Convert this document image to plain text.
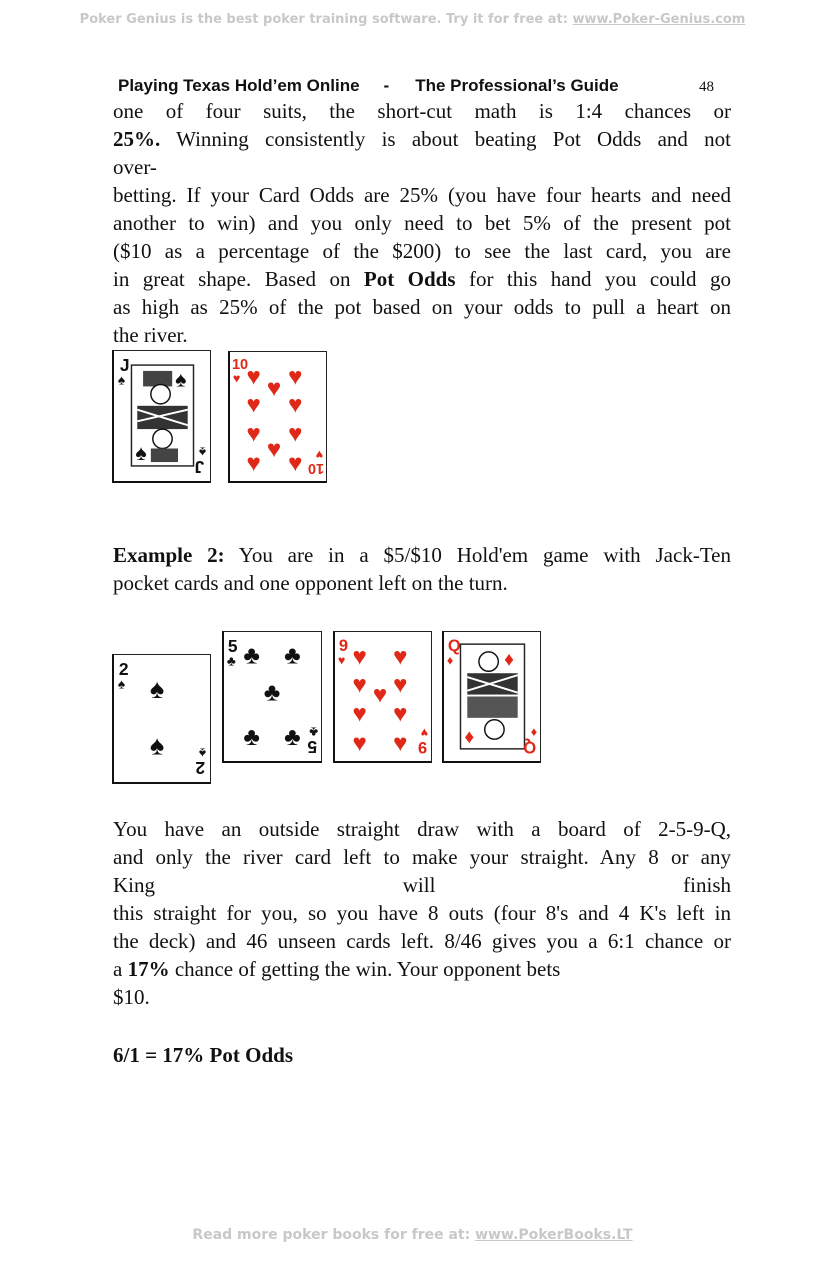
Poker Genius is the best poker training software. Try it for free at: www.Poker-Genius.com
Playing Texas Hold’em Online - The Professional’s Guide	48
one of four suits, the short-cut math is 1:4 chances or
25%. Winning consistently is about beating Pot Odds and not
over-
betting. If your Card Odds are 25% (you have four hearts and need
another to win) and you only need to bet 5% of the present pot
($10 as a percentage of the $200) to see the last card, you are
in great shape. Based on Pot Odds for this hand you could go
as high as 25% of the pot based on your odds to pull a heart on
the river.
J
♠ ♠
♠
J
♠
10
♥ ♥ ♥
♥
♥ ♥
♥ ♥
♥
♥ ♥ 10
♥
Example 2: You are in a $5/$10 Hold'em game with Jack-Ten
pocket cards and one opponent left on the turn.
2
♠ ♠
♠
2
♠
5
♣ ♣ ♣
♣
♣ ♣ 5
♣
9
♥ ♥ ♥
♥ ♥
♥
♥ ♥
♥ ♥ 9
♥
Q
♦	♦
♦	Q
♦
You have an outside straight draw with a board of 2-5-9-Q,
and only the river card left to make your straight. Any 8 or any
King will	finish
this straight for you, so you have 8 outs (four 8's and 4 K's left in
the deck) and 46 unseen cards left. 8/46 gives you a 6:1 chance or
a 17% chance of getting the win. Your opponent bets
$10.
6/1 = 17% Pot Odds
Read more poker books for free at: www.PokerBooks.LT
